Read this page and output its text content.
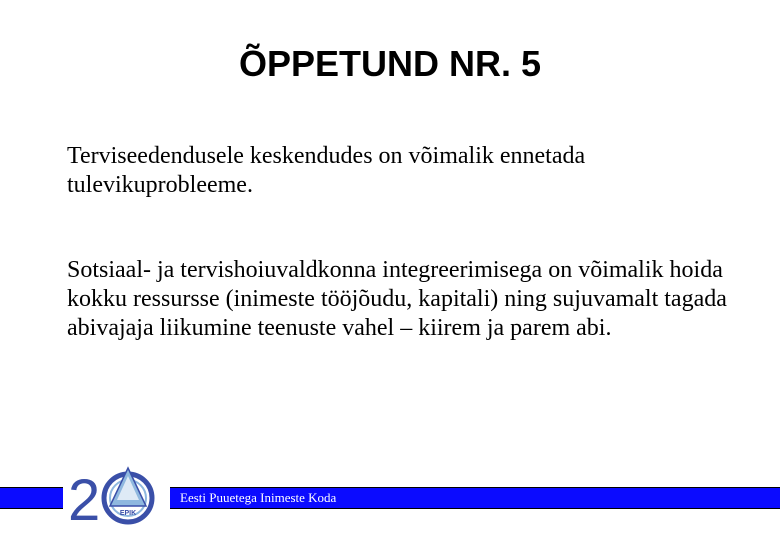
ÕPPETUND NR. 5

Terviseedendusele keskendudes on võimalik ennetada tulevikuprobleeme.

Sotsiaal- ja tervishoiuvaldkonna integreerimisega on võimalik hoida kokku ressursse (inimeste tööjõudu, kapitali) ning sujuvamalt tagada abivajaja liikumine teenuste vahel – kiirem ja parem abi.

Eesti Puuetega Inimeste Koda
2	EPIK
